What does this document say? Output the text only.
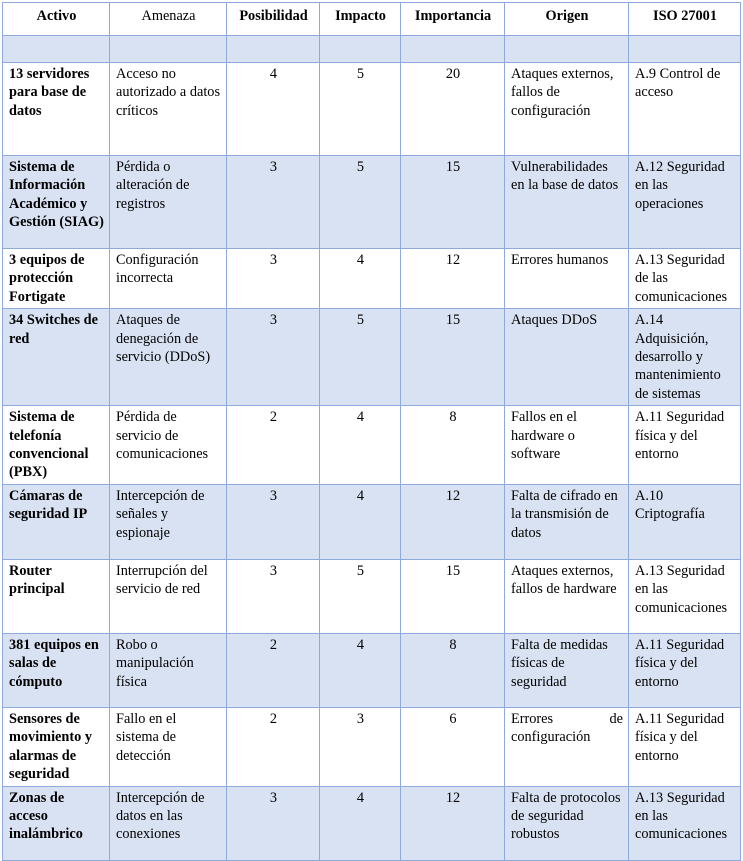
Activo	Amenaza	Posibilidad	Impacto	Importancia	Origen	ISO 27001

13 servidores para base de datos	Acceso no autorizado a datos críticos	4	5	20	Ataques externos, fallos de configuración	A.9 Control de acceso
Sistema de Información Académico y Gestión (SIAG)	Pérdida o alteración de registros	3	5	15	Vulnerabilidades en la base de datos	A.12 Seguridad en las operaciones
3 equipos de protección Fortigate	Configuración incorrecta	3	4	12	Errores humanos	A.13 Seguridad de las comunicaciones
34 Switches de red	Ataques de denegación de servicio (DDoS)	3	5	15	Ataques DDoS	A.14 Adquisición, desarrollo y mantenimiento de sistemas
Sistema de telefonía convencional (PBX)	Pérdida de servicio de comunicaciones	2	4	8	Fallos en el hardware o software	A.11 Seguridad física y del entorno
Cámaras de seguridad IP	Intercepción de señales y espionaje	3	4	12	Falta de cifrado en la transmisión de datos	A.10 Criptografía
Router principal	Interrupción del servicio de red	3	5	15	Ataques externos, fallos de hardware	A.13 Seguridad en las comunicaciones
381 equipos en salas de cómputo	Robo o manipulación física	2	4	8	Falta de medidas físicas de seguridad	A.11 Seguridad física y del entorno
Sensores de movimiento y alarmas de seguridad	Fallo en el sistema de detección	2	3	6	Errores de configuración	A.11 Seguridad física y del entorno
Zonas de acceso inalámbrico	Intercepción de datos en las conexiones	3	4	12	Falta de protocolos de seguridad robustos	A.13 Seguridad en las comunicaciones
